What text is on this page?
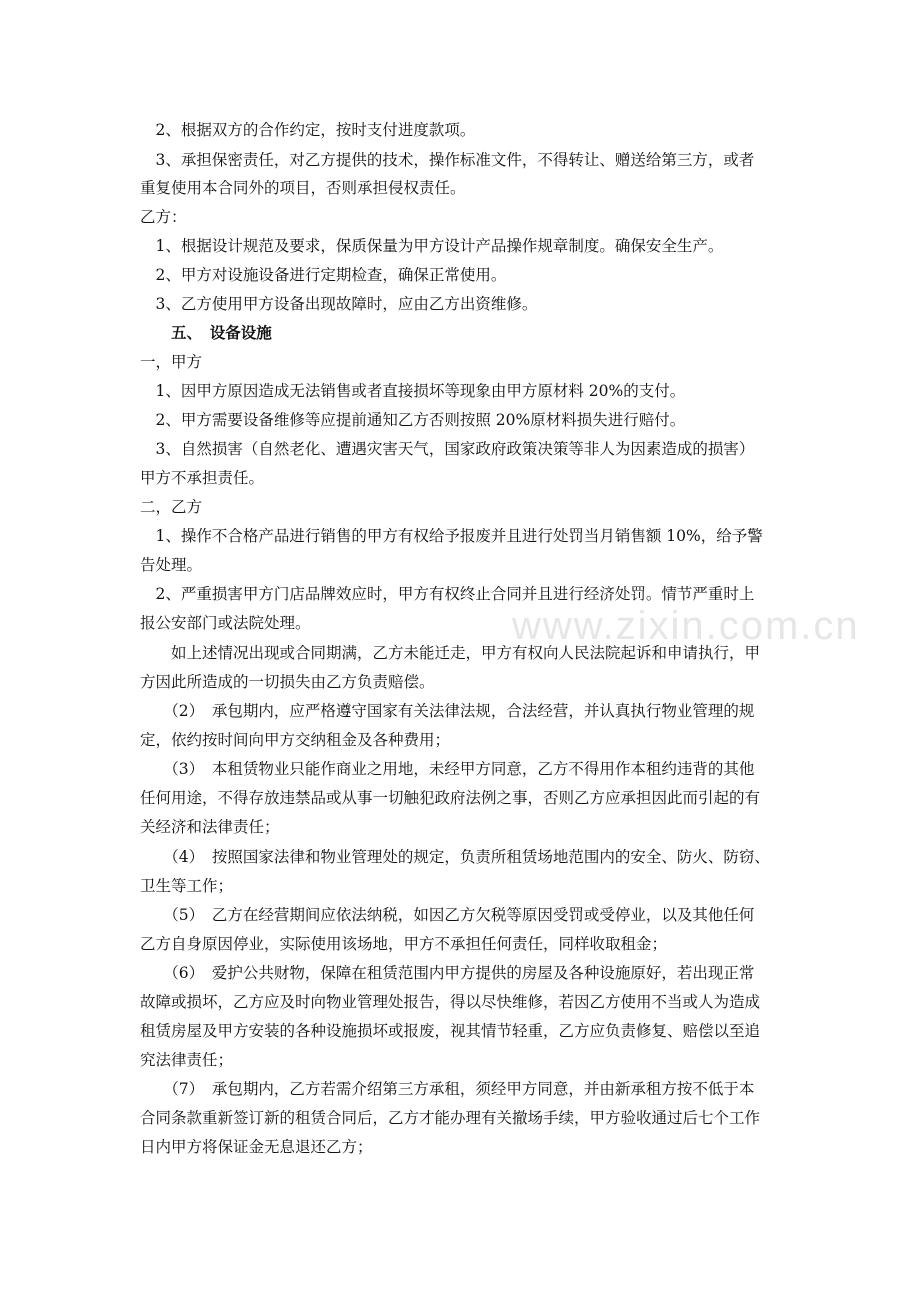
　2、根据双方的合作约定，按时支付进度款项。
　3、承担保密责任，对乙方提供的技术，操作标准文件，不得转让、赠送给第三方，或者
重复使用本合同外的项目，否则承担侵权责任。
乙方：
　1、根据设计规范及要求，保质保量为甲方设计产品操作规章制度。确保安全生产。
　2、甲方对设施设备进行定期检查，确保正常使用。
　3、乙方使用甲方设备出现故障时，应由乙方出资维修。
　　五、　设备设施
一，甲方
　1、因甲方原因造成无法销售或者直接损坏等现象由甲方原材料 20%的支付。
　2、甲方需要设备维修等应提前通知乙方否则按照 20%原材料损失进行赔付。
　3、自然损害（自然老化、遭遇灾害天气，国家政府政策决策等非人为因素造成的损害）
甲方不承担责任。
二，乙方
　1、操作不合格产品进行销售的甲方有权给予报废并且进行处罚当月销售额 10%，给予警
告处理。
　2、严重损害甲方门店品牌效应时，甲方有权终止合同并且进行经济处罚。情节严重时上
报公安部门或法院处理。
　　如上述情况出现或合同期满，乙方未能迁走，甲方有权向人民法院起诉和申请执行，甲
方因此所造成的一切损失由乙方负责赔偿。
　　（2）　承包期内，应严格遵守国家有关法律法规，合法经营，并认真执行物业管理的规
定，依约按时间向甲方交纳租金及各种费用；
　　（3）　本租赁物业只能作商业之用地，未经甲方同意，乙方不得用作本租约违背的其他
任何用途，不得存放违禁品或从事一切触犯政府法例之事，否则乙方应承担因此而引起的有
关经济和法律责任；
　　（4）　按照国家法律和物业管理处的规定，负责所租赁场地范围内的安全、防火、防窃、
卫生等工作；
　　（5）　乙方在经营期间应依法纳税，如因乙方欠税等原因受罚或受停业，以及其他任何
乙方自身原因停业，实际使用该场地，甲方不承担任何责任，同样收取租金；
　　（6）　爱护公共财物，保障在租赁范围内甲方提供的房屋及各种设施原好，若出现正常
故障或损坏，乙方应及时向物业管理处报告，得以尽快维修，若因乙方使用不当或人为造成
租赁房屋及甲方安装的各种设施损坏或报废，视其情节轻重，乙方应负责修复、赔偿以至追
究法律责任；
　　（7）　承包期内，乙方若需介绍第三方承租，须经甲方同意，并由新承租方按不低于本
合同条款重新签订新的租赁合同后，乙方才能办理有关撤场手续，甲方验收通过后七个工作
日内甲方将保证金无息退还乙方；
www.zixin.com.cn
